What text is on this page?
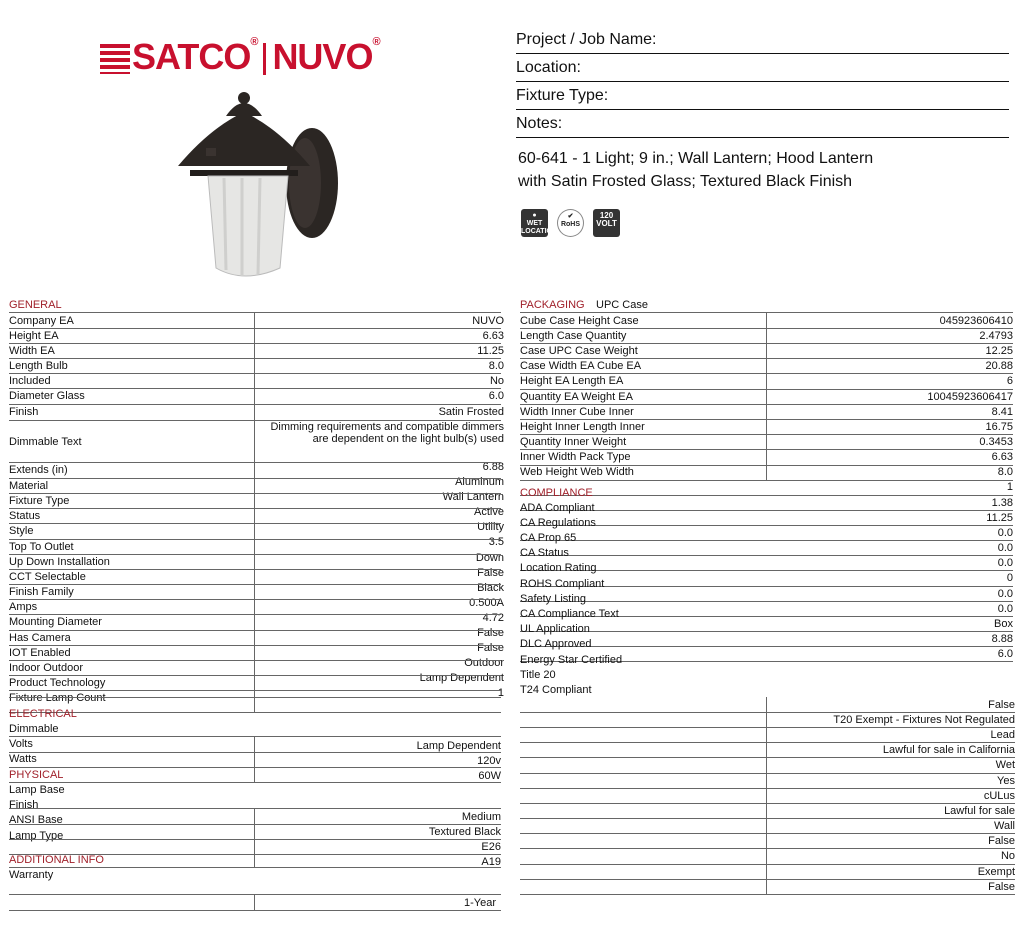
SATCO® NUVO®	Project / Job Name:
Location:
Fixture Type:
Notes:
60-641 - 1 Light; 9 in.; Wall Lantern; Hood Lantern
with Satin Frosted Glass; Textured Black Finish
●
WET LOCATION
✔
RoHS
120 VOLT
GENERAL
Company EA
Height EA
Width EA
Length Bulb
Included
Diameter Glass
Finish
Dimmable Text
Extends (in)
Material
Fixture Type
Status
Style
Top To Outlet
Up Down Installation
CCT Selectable
Finish Family
Amps
Mounting Diameter
Has Camera
IOT Enabled
Indoor Outdoor
Product Technology
Fixture Lamp Count
NUVO
6.63
11.25
8.0
No
6.0
Satin Frosted
Dimming requirements and compatible dimmers are dependent on the light bulb(s) used
6.88
Aluminum
Wall Lantern
Active
Utility
3.5
Down
False
Black
0.500A
4.72
False
False
Outdoor
Lamp Dependent
1
ELECTRICAL
Dimmable
Volts
Watts
Lamp Dependent
120v
60W
PHYSICAL
Lamp Base
Finish
ANSI Base
Lamp Type
Medium
Textured Black
E26
A19
ADDITIONAL INFO
Warranty
1-Year
PACKAGING UPC Case
Cube Case Height Case
Length Case Quantity
Case UPC Case Weight
Case Width EA Cube EA
Height EA Length EA
Quantity EA Weight EA
Width Inner Cube Inner
Height Inner Length Inner
Quantity Inner Weight
Inner Width Pack Type
Web Height Web Width
045923606410
2.4793
12.25
20.88
6
10045923606417
8.41
16.75
0.3453
6.63
8.0
1
1.38
11.25
0.0
0.0
0.0
0
0.0
0.0
Box
8.88
6.0
COMPLIANCE
ADA Compliant
CA Regulations
CA Prop 65
CA Status
Location Rating
ROHS Compliant
Safety Listing
CA Compliance Text
UL Application
DLC Approved
Energy Star Certified
Title 20
T24 Compliant
False
T20 Exempt - Fixtures Not Regulated
Lead
Lawful for sale in California
Wet
Yes
cULus
Lawful for sale
Wall
False
No
Exempt
False
